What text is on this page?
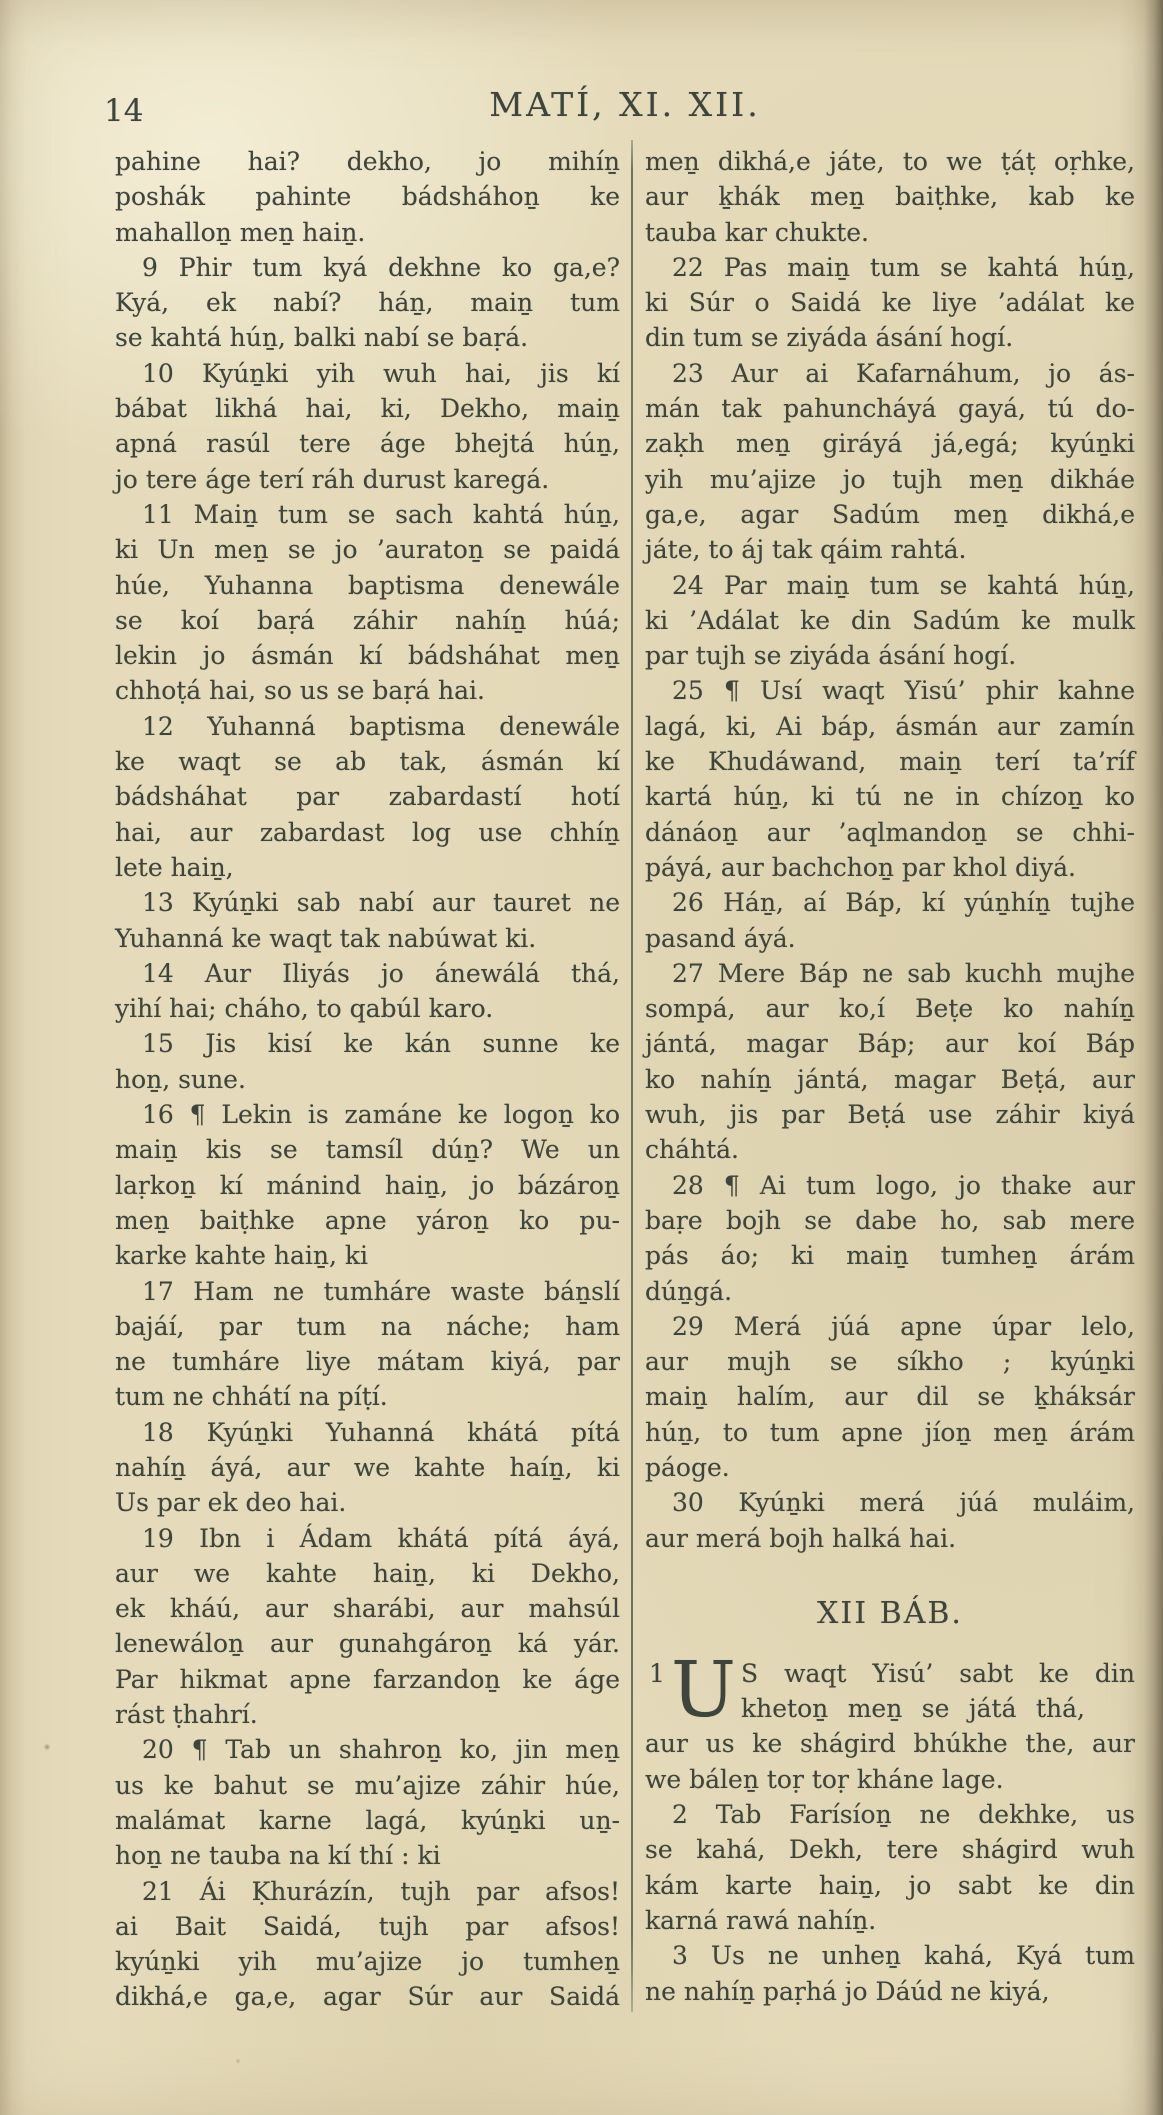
14	MATÍ, XI. XII.
pahine hai? dekho, jo mihíṉ
poshák pahinte bádsháhoṉ ke
mahalloṉ meṉ haiṉ.
9 Phir tum kyá dekhne ko ga,e?
Kyá, ek nabí? háṉ, maiṉ tum
se kahtá húṉ, balki nabí se baṛá.
10 Kyúṉki yih wuh hai, jis kí
bábat likhá hai, ki, Dekho, maiṉ
apná rasúl tere áge bhejtá húṉ,
jo tere áge terí ráh durust karegá.
11 Maiṉ tum se sach kahtá húṉ,
ki Un meṉ se jo ’auratoṉ se paidá
húe, Yuhanna baptisma denewále
se koí baṛá záhir nahíṉ húá;
lekin jo ásmán kí bádsháhat meṉ
chhoṭá hai, so us se baṛá hai.
12 Yuhanná baptisma denewále
ke waqt se ab tak, ásmán kí
bádsháhat par zabardastí hotí
hai, aur zabardast log use chhíṉ
lete haiṉ,
13 Kyúṉki sab nabí aur tauret ne
Yuhanná ke waqt tak nabúwat ki.
14 Aur Iliyás jo ánewálá thá,
yihí hai; cháho, to qabúl karo.
15 Jis kisí ke kán sunne ke
hoṉ, sune.
16 ¶ Lekin is zamáne ke logoṉ ko
maiṉ kis se tamsíl dúṉ? We un
laṛkoṉ kí mánind haiṉ, jo bázároṉ
meṉ baiṭhke apne yároṉ ko pu-
karke kahte haiṉ, ki
17 Ham ne tumháre waste báṉslí
bajáí, par tum na náche; ham
ne tumháre liye mátam kiyá, par
tum ne chhátí na píṭí.
18 Kyúṉki Yuhanná khátá pítá
nahíṉ áyá, aur we kahte haíṉ, ki
Us par ek deo hai.
19 Ibn i Ádam khátá pítá áyá,
aur we kahte haiṉ, ki Dekho,
ek kháú, aur sharábi, aur mahsúl
lenewáloṉ aur gunahgároṉ ká yár.
Par hikmat apne farzandoṉ ke áge
rást ṭhahrí.
20 ¶ Tab un shahroṉ ko, jin meṉ
us ke bahut se mu’ajize záhir húe,
malámat karne lagá, kyúṉki uṉ-
hoṉ ne tauba na kí thí : ki
21 Ái Ḳhurázín, tujh par afsos!
ai Bait Saidá, tujh par afsos!
kyúṉki yih mu’ajize jo tumheṉ
dikhá,e ga,e, agar Súr aur Saidá
meṉ dikhá,e játe, to we ṭáṭ oṛhke,
aur ḵhák meṉ baiṭhke, kab ke
tauba kar chukte.
22 Pas maiṉ tum se kahtá húṉ,
ki Súr o Saidá ke liye ’adálat ke
din tum se ziyáda ásání hogí.
23 Aur ai Kafarnáhum, jo ás-
mán tak pahuncháyá gayá, tú do-
zaḳh meṉ giráyá já,egá; kyúṉki
yih mu’ajize jo tujh meṉ dikháe
ga,e, agar Sadúm meṉ dikhá,e
játe, to áj tak qáim rahtá.
24 Par maiṉ tum se kahtá húṉ,
ki ’Adálat ke din Sadúm ke mulk
par tujh se ziyáda ásání hogí.
25 ¶ Usí waqt Yisú’ phir kahne
lagá, ki, Ai báp, ásmán aur zamín
ke Khudáwand, maiṉ terí ta’ríf
kartá húṉ, ki tú ne in chízoṉ ko
dánáoṉ aur ’aqlmandoṉ se chhi-
páyá, aur bachchoṉ par khol diyá.
26 Háṉ, aí Báp, kí yúṉhíṉ tujhe
pasand áyá.
27 Mere Báp ne sab kuchh mujhe
sompá, aur ko,í Beṭe ko nahíṉ
jántá, magar Báp; aur koí Báp
ko nahíṉ jántá, magar Beṭá, aur
wuh, jis par Beṭá use záhir kiyá
cháhtá.
28 ¶ Ai tum logo, jo thake aur
baṛe bojh se dabe ho, sab mere
pás áo; ki maiṉ tumheṉ árám
dúṉgá.
29 Merá júá apne úpar lelo,
aur mujh se síkho ; kyúṉki
maiṉ halím, aur dil se ḵháksár
húṉ, to tum apne jíoṉ meṉ árám
páoge.
30 Kyúṉki merá júá muláim,
aur merá bojh halká hai.
XII BÁB.
1 U S waqt Yisú’ sabt ke din
khetoṉ meṉ se játá thá,
aur us ke shágird bhúkhe the, aur
we báleṉ toṛ toṛ kháne lage.
2 Tab Farísíoṉ ne dekhke, us
se kahá, Dekh, tere shágird wuh
kám karte haiṉ, jo sabt ke din
karná rawá nahíṉ.
3 Us ne unheṉ kahá, Kyá tum
ne nahíṉ paṛhá jo Dáúd ne kiyá,
